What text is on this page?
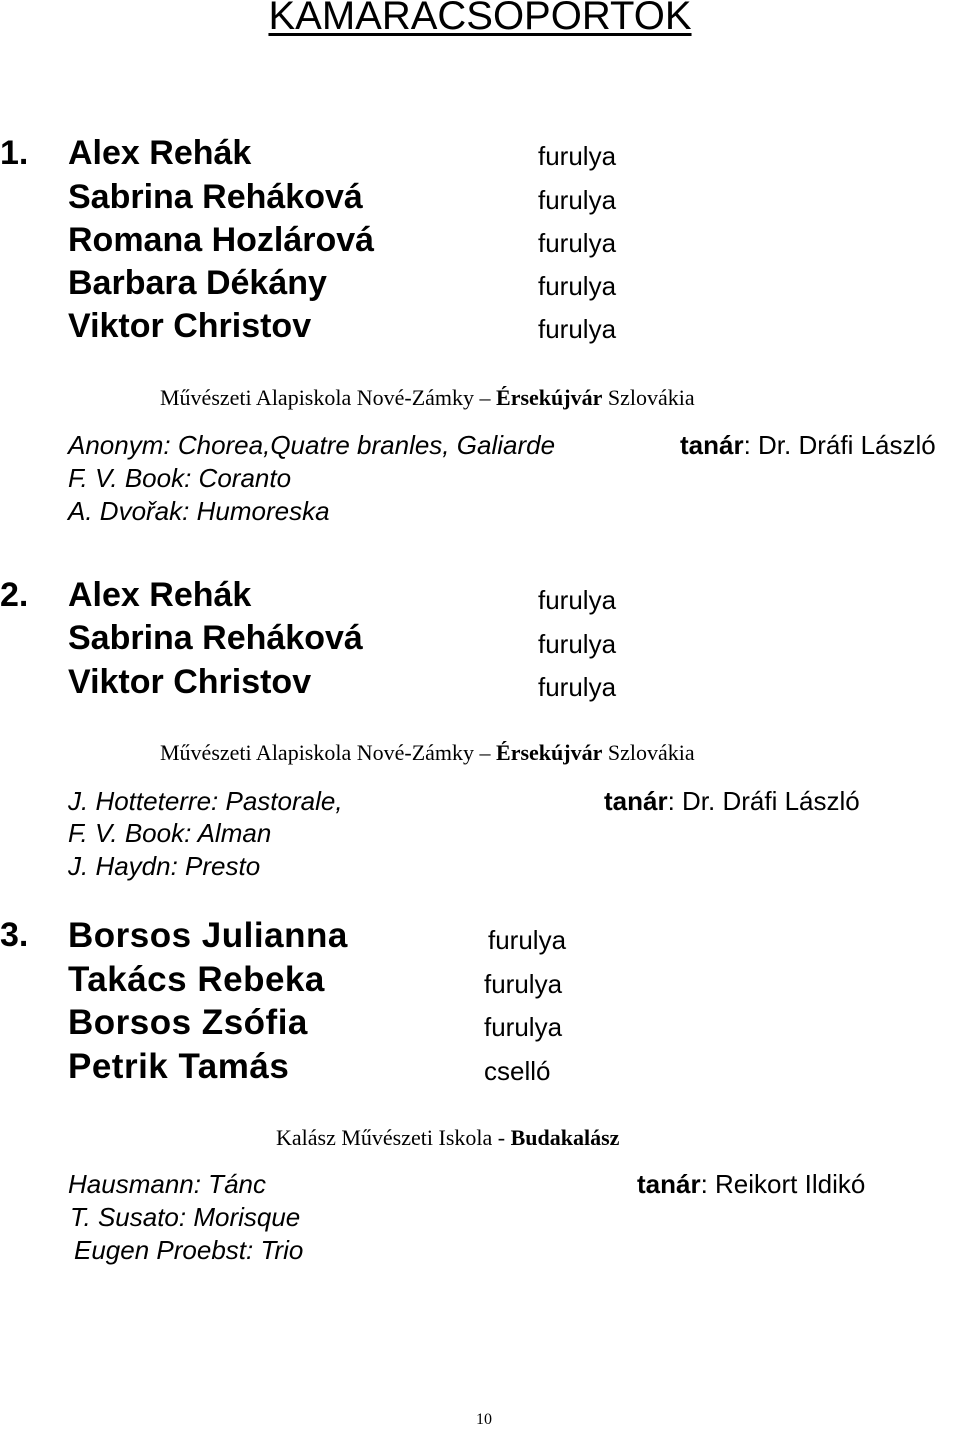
KAMARACSOPORTOK
1. Alex Rehák	furulya
Sabrina Reháková	furulya
Romana Hozlárová	furulya
Barbara Dékány	furulya
Viktor Christov	furulya
Művészeti Alapiskola Nové-Zámky – Érsekújvár Szlovákia
Anonym: Chorea,Quatre branles, Galiarde
F. V. Book: Coranto
A. Dvořak: Humoreska
tanár: Dr. Dráfi László
2. Alex Rehák	furulya
Sabrina Reháková	furulya
Viktor Christov	furulya
Művészeti Alapiskola Nové-Zámky – Érsekújvár Szlovákia
J. Hotteterre: Pastorale,
F. V. Book: Alman
J. Haydn: Presto
tanár: Dr. Dráfi László
3. Borsos Julianna	furulya
Takács Rebeka	furulya
Borsos Zsófia	furulya
Petrik Tamás	cselló
Kalász Művészeti Iskola - Budakalász
Hausmann: Tánc
T. Susato: Morisque
Eugen Proebst: Trio
tanár: Reikort Ildikó
10
